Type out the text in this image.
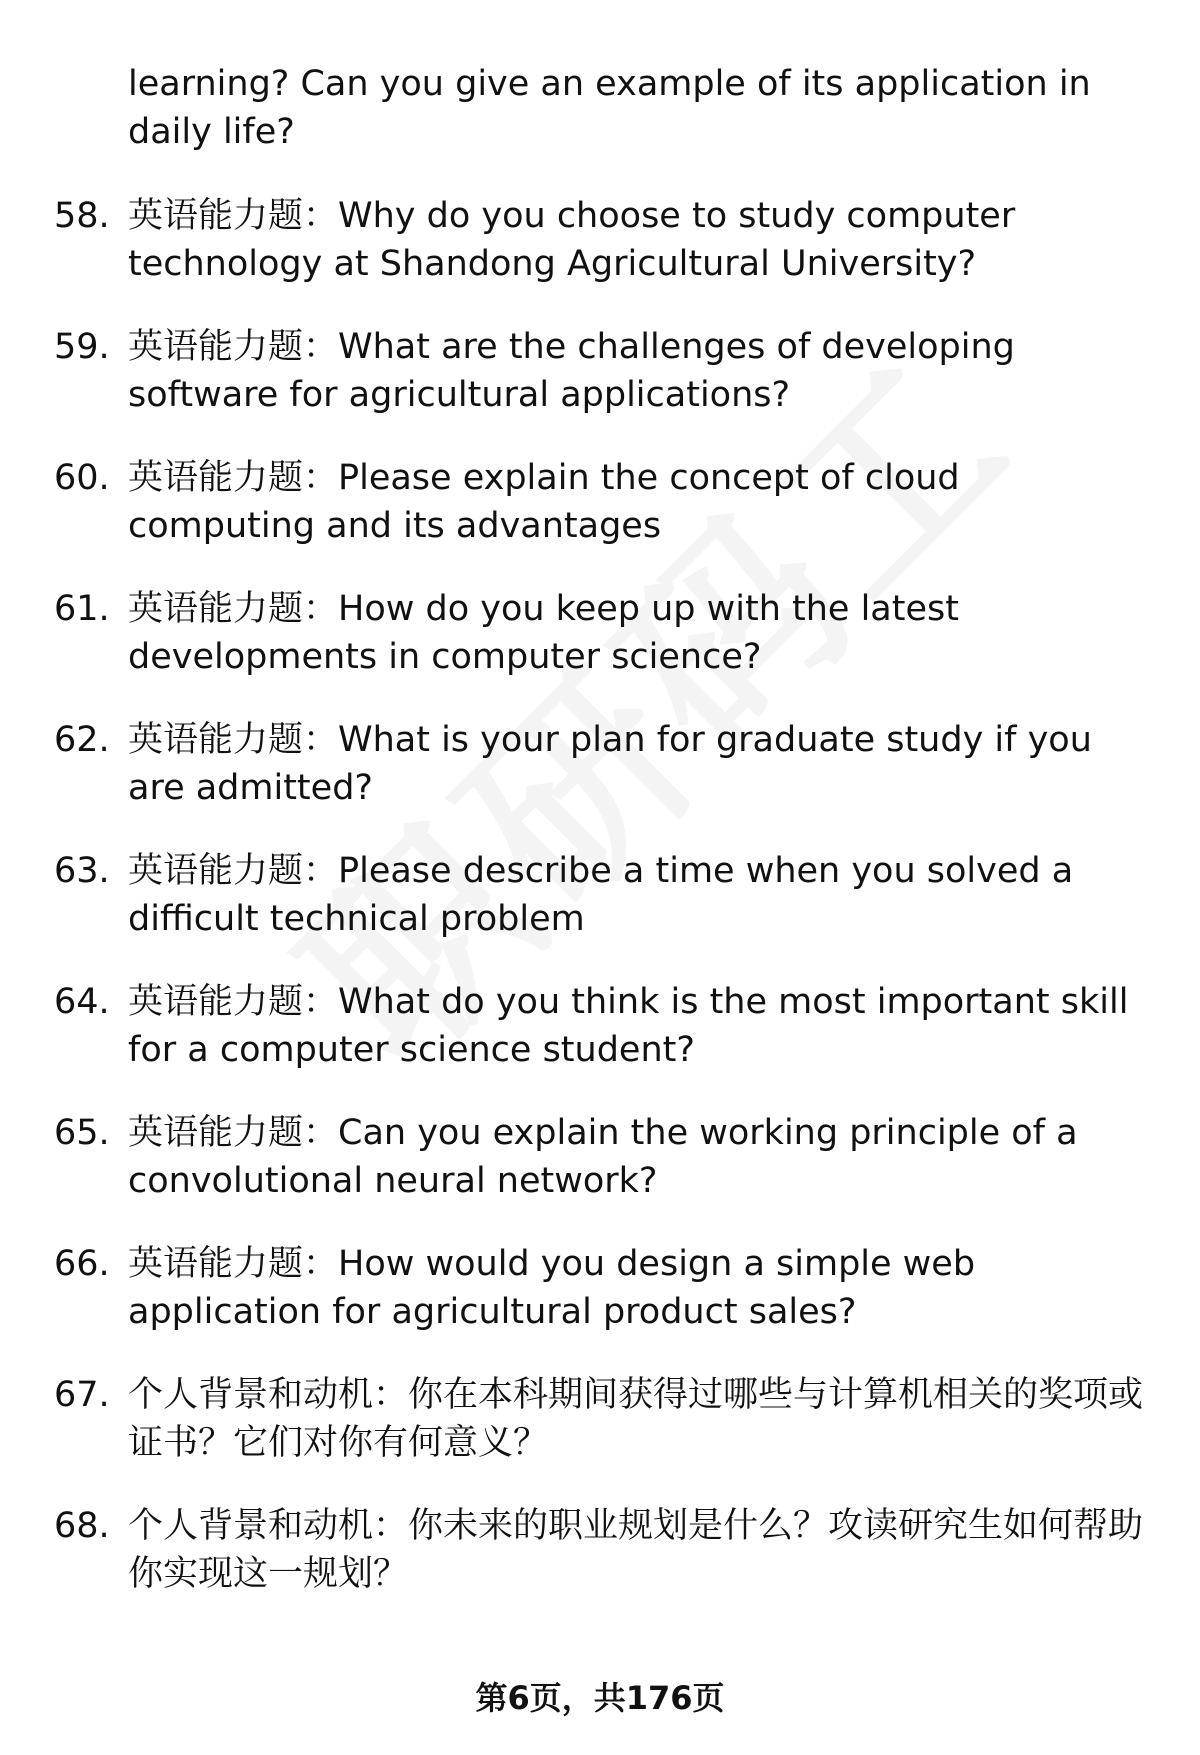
learning? Can you give an example of its application in daily life?

58. 英语能力题：Why do you choose to study computer technology at Shandong Agricultural University?
59. 英语能力题：What are the challenges of developing software for agricultural applications?
60. 英语能力题：Please explain the concept of cloud computing and its advantages
61. 英语能力题：How do you keep up with the latest developments in computer science?
62. 英语能力题：What is your plan for graduate study if you are admitted?
63. 英语能力题：Please describe a time when you solved a difficult technical problem
64. 英语能力题：What do you think is the most important skill for a computer science student?
65. 英语能力题：Can you explain the working principle of a convolutional neural network?
66. 英语能力题：How would you design a simple web application for agricultural product sales?
67. 个人背景和动机：你在本科期间获得过哪些与计算机相关的奖项或证书？它们对你有何意义？
68. 个人背景和动机：你未来的职业规划是什么？攻读研究生如何帮助你实现这一规划？
第6页，共176页
